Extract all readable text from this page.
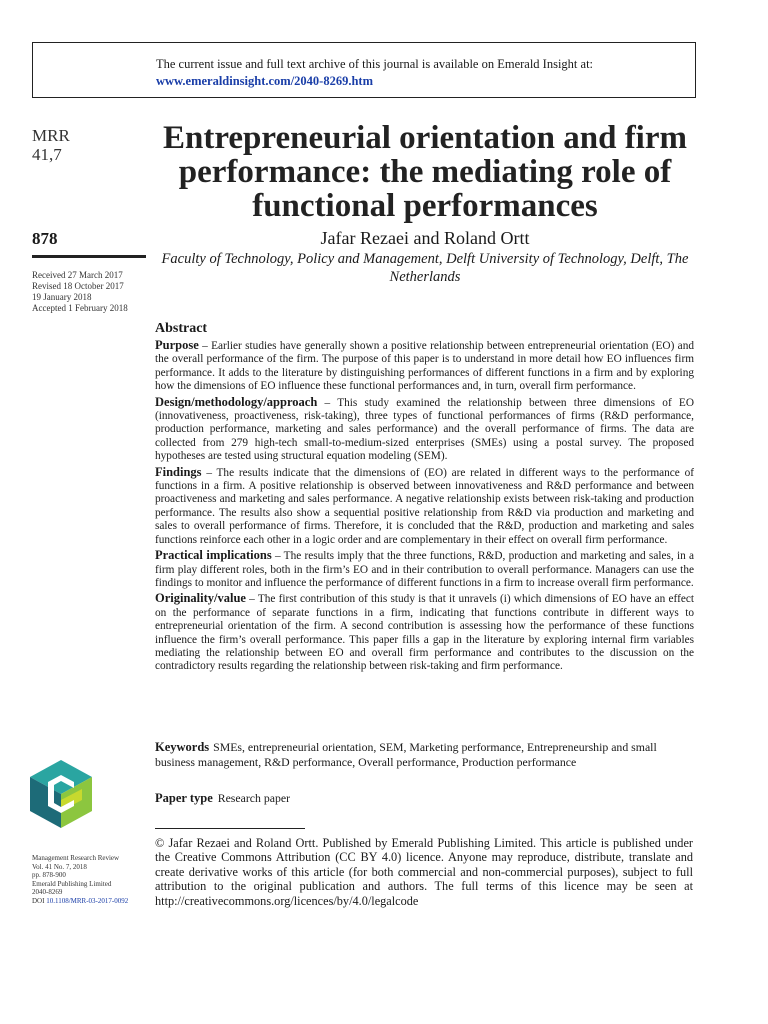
The current issue and full text archive of this journal is available on Emerald Insight at:
www.emeraldinsight.com/2040-8269.htm
MRR
41,7
878
Received 27 March 2017
Revised 18 October 2017
19 January 2018
Accepted 1 February 2018
Entrepreneurial orientation and firm performance: the mediating role of functional performances
Jafar Rezaei and Roland Ortt
Faculty of Technology, Policy and Management, Delft University of Technology, Delft, The Netherlands
Abstract

Purpose – Earlier studies have generally shown a positive relationship between entrepreneurial orientation (EO) and the overall performance of the firm. The purpose of this paper is to understand in more detail how EO influences firm performance. It adds to the literature by distinguishing performances of different functions in a firm and by exploring how the dimensions of EO influence these functional performances and, in turn, overall firm performance.

Design/methodology/approach – This study examined the relationship between three dimensions of EO (innovativeness, proactiveness, risk-taking), three types of functional performances of firms (R&D performance, production performance, marketing and sales performance) and the overall performance of firms. The data are collected from 279 high-tech small-to-medium-sized enterprises (SMEs) using a postal survey. The proposed hypotheses are tested using structural equation modeling (SEM).

Findings – The results indicate that the dimensions of (EO) are related in different ways to the performance of functions in a firm. A positive relationship is observed between innovativeness and R&D performance and between proactiveness and marketing and sales performance. A negative relationship exists between risk-taking and production performance. The results also show a sequential positive relationship from R&D via production and marketing and sales to overall performance of firms. Therefore, it is concluded that the R&D, production and marketing and sales functions reinforce each other in a logic order and are complementary in their effect on overall firm performance.

Practical implications – The results imply that the three functions, R&D, production and marketing and sales, in a firm play different roles, both in the firm’s EO and in their contribution to overall performance. Managers can use the findings to monitor and influence the performance of different functions in a firm to increase overall firm performance.

Originality/value – The first contribution of this study is that it unravels (i) which dimensions of EO have an effect on the performance of separate functions in a firm, indicating that functions contribute in different ways to entrepreneurial orientation of the firm. A second contribution is assessing how the performance of these functions influence the firm’s overall performance. This paper fills a gap in the literature by exploring internal firm variables mediating the relationship between EO and overall firm performance and contributes to the discussion on the contradictory results regarding the relationship between risk-taking and firm performance.

Keywords SMEs, entrepreneurial orientation, SEM, Marketing performance, Entrepreneurship and small business management, R&D performance, Overall performance, Production performance
Paper type Research paper
© Jafar Rezaei and Roland Ortt. Published by Emerald Publishing Limited. This article is published under the Creative Commons Attribution (CC BY 4.0) licence. Anyone may reproduce, distribute, translate and create derivative works of this article (for both commercial and non-commercial purposes), subject to full attribution to the original publication and authors. The full terms of this licence may be seen at http://creativecommons.org/licences/by/4.0/legalcode
Management Research Review
Vol. 41 No. 7, 2018
pp. 878-900
Emerald Publishing Limited
2040-8269
DOI 10.1108/MRR-03-2017-0092
